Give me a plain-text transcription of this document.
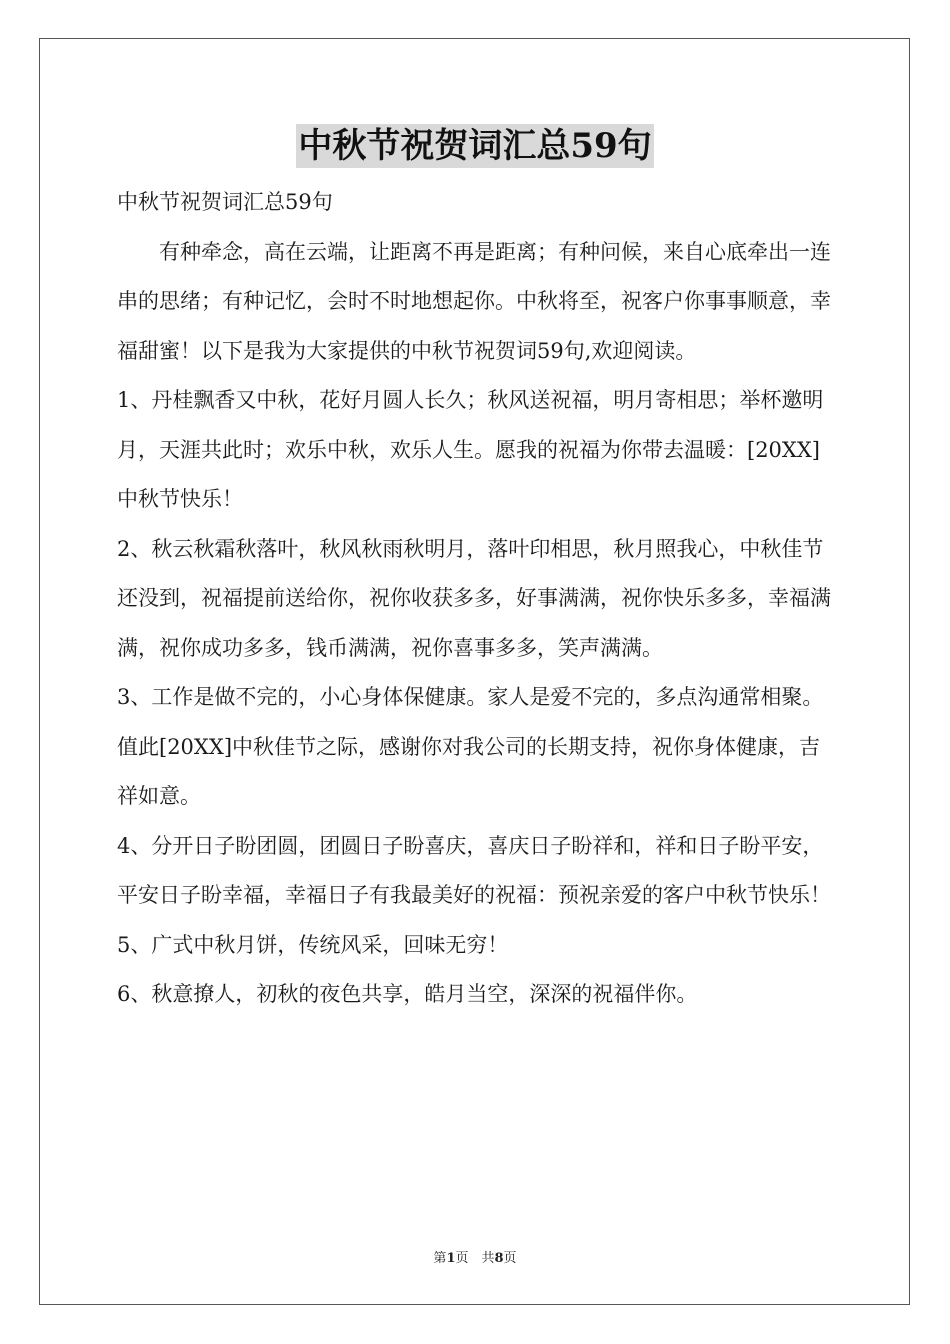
中秋节祝贺词汇总59句

中秋节祝贺词汇总59句

有种牵念，高在云端，让距离不再是距离；有种问候，来自心底牵出一连串的思绪；有种记忆，会时不时地想起你。中秋将至，祝客户你事事顺意，幸福甜蜜！以下是我为大家提供的中秋节祝贺词59句,欢迎阅读。

1、丹桂飘香又中秋，花好月圆人长久；秋风送祝福，明月寄相思；举杯邀明月，天涯共此时；欢乐中秋，欢乐人生。愿我的祝福为你带去温暖：[20XX]中秋节快乐！

2、秋云秋霜秋落叶，秋风秋雨秋明月，落叶印相思，秋月照我心，中秋佳节还没到，祝福提前送给你，祝你收获多多，好事满满，祝你快乐多多，幸福满满，祝你成功多多，钱币满满，祝你喜事多多，笑声满满。

3、工作是做不完的，小心身体保健康。家人是爱不完的，多点沟通常相聚。值此[20XX]中秋佳节之际，感谢你对我公司的长期支持，祝你身体健康，吉祥如意。

4、分开日子盼团圆，团圆日子盼喜庆，喜庆日子盼祥和，祥和日子盼平安，平安日子盼幸福，幸福日子有我最美好的祝福：预祝亲爱的客户中秋节快乐！

5、广式中秋月饼，传统风采，回味无穷！

6、秋意撩人，初秋的夜色共享，皓月当空，深深的祝福伴你。

第1页　共8页
